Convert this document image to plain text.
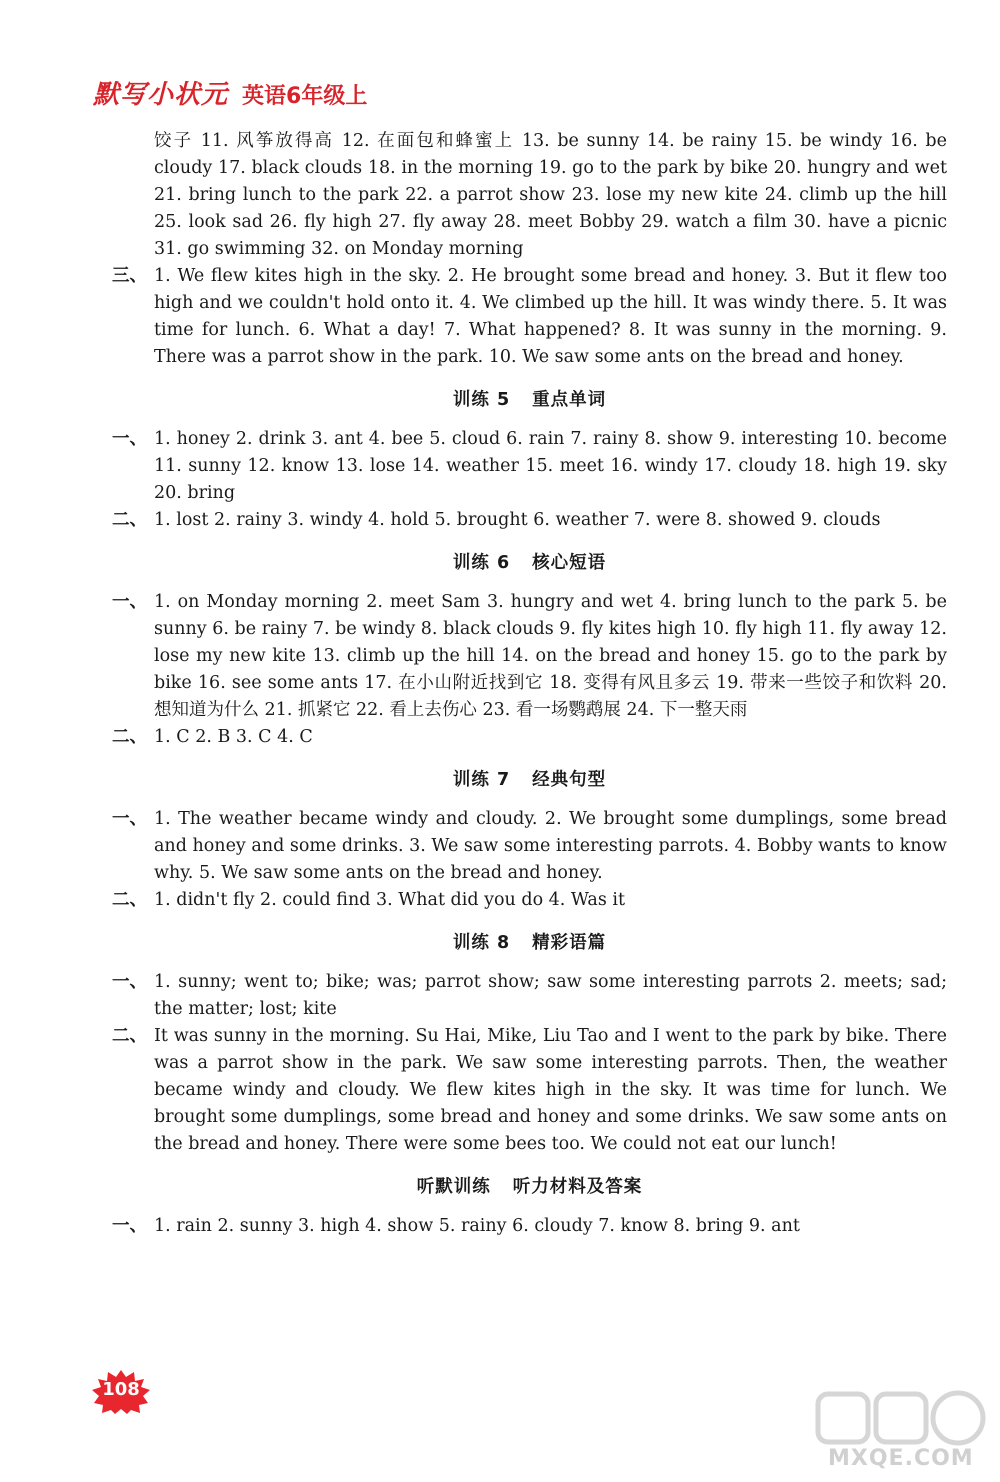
默写小状元 英语6年级上
饺子 11. 风筝放得高 12. 在面包和蜂蜜上 13. be sunny 14. be rainy 15. be windy 16. be cloudy 17. black clouds 18. in the morning 19. go to the park by bike 20. hungry and wet 21. bring lunch to the park 22. a parrot show 23. lose my new kite 24. climb up the hill 25. look sad 26. fly high 27. fly away 28. meet Bobby 29. watch a film 30. have a picnic 31. go swimming 32. on Monday morning
三、 1. We flew kites high in the sky. 2. He brought some bread and honey. 3. But it flew too high and we couldn't hold onto it. 4. We climbed up the hill. It was windy there. 5. It was time for lunch. 6. What a day! 7. What happened? 8. It was sunny in the morning. 9. There was a parrot show in the park. 10. We saw some ants on the bread and honey.
训练 5 重点单词
一、 1. honey 2. drink 3. ant 4. bee 5. cloud 6. rain 7. rainy 8. show 9. interesting 10. become 11. sunny 12. know 13. lose 14. weather 15. meet 16. windy 17. cloudy 18. high 19. sky 20. bring
二、 1. lost 2. rainy 3. windy 4. hold 5. brought 6. weather 7. were 8. showed 9. clouds
训练 6 核心短语
一、 1. on Monday morning 2. meet Sam 3. hungry and wet 4. bring lunch to the park 5. be sunny 6. be rainy 7. be windy 8. black clouds 9. fly kites high 10. fly high 11. fly away 12. lose my new kite 13. climb up the hill 14. on the bread and honey 15. go to the park by bike 16. see some ants 17. 在小山附近找到它 18. 变得有风且多云 19. 带来一些饺子和饮料 20. 想知道为什么 21. 抓紧它 22. 看上去伤心 23. 看一场鹦鹉展 24. 下一整天雨
二、 1. C 2. B 3. C 4. C
训练 7 经典句型
一、 1. The weather became windy and cloudy. 2. We brought some dumplings, some bread and honey and some drinks. 3. We saw some interesting parrots. 4. Bobby wants to know why. 5. We saw some ants on the bread and honey.
二、 1. didn't fly 2. could find 3. What did you do 4. Was it
训练 8 精彩语篇
一、 1. sunny; went to; bike; was; parrot show; saw some interesting parrots 2. meets; sad; the matter; lost; kite
二、 It was sunny in the morning. Su Hai, Mike, Liu Tao and I went to the park by bike. There was a parrot show in the park. We saw some interesting parrots. Then, the weather became windy and cloudy. We flew kites high in the sky. It was time for lunch. We brought some dumplings, some bread and honey and some drinks. We saw some ants on the bread and honey. There were some bees too. We could not eat our lunch!
听默训练 听力材料及答案
一、 1. rain 2. sunny 3. high 4. show 5. rainy 6. cloudy 7. know 8. bring 9. ant
108
MXQE.COM
